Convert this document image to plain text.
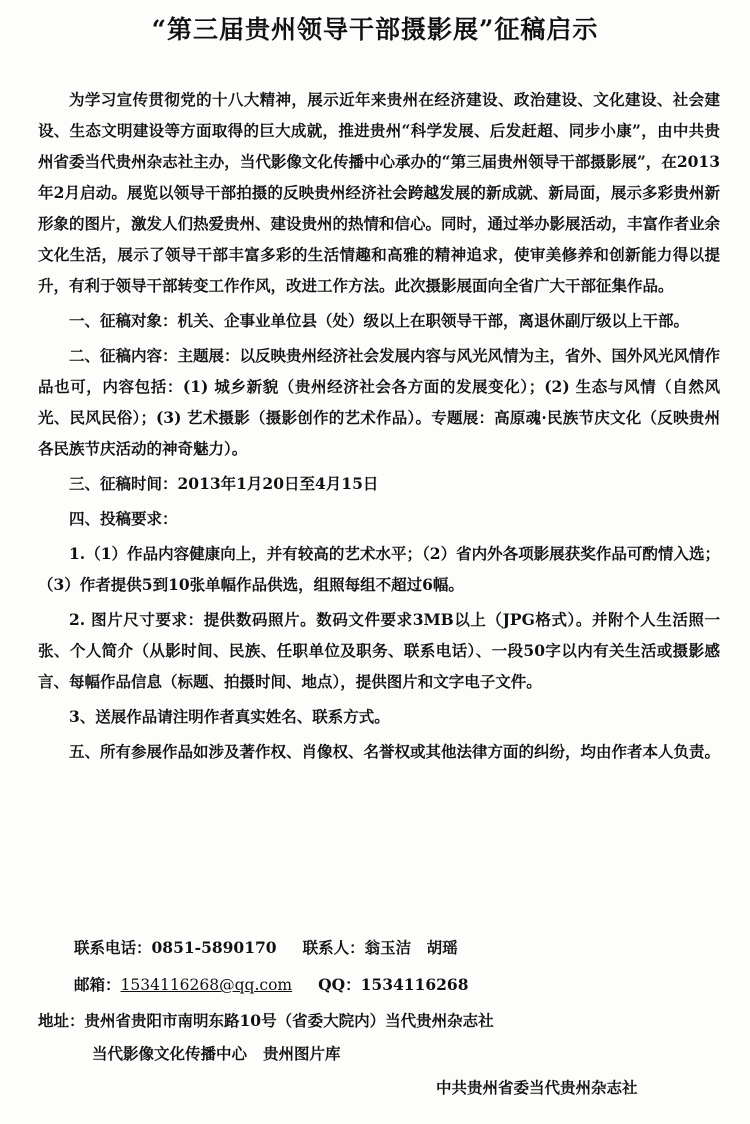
“第三届贵州领导干部摄影展”征稿启示

为学习宣传贯彻党的十八大精神，展示近年来贵州在经济建设、政治建设、文化建设、社会建设、生态文明建设等方面取得的巨大成就，推进贵州“科学发展、后发赶超、同步小康”，由中共贵州省委当代贵州杂志社主办，当代影像文化传播中心承办的“第三届贵州领导干部摄影展”，在2013年2月启动。展览以领导干部拍摄的反映贵州经济社会跨越发展的新成就、新局面，展示多彩贵州新形象的图片，激发人们热爱贵州、建设贵州的热情和信心。同时，通过举办影展活动，丰富作者业余文化生活，展示了领导干部丰富多彩的生活情趣和高雅的精神追求，使审美修养和创新能力得以提升，有利于领导干部转变工作作风，改进工作方法。此次摄影展面向全省广大干部征集作品。

一、征稿对象：机关、企事业单位县（处）级以上在职领导干部，离退休副厅级以上干部。

二、征稿内容：主题展：以反映贵州经济社会发展内容与风光风情为主，省外、国外风光风情作品也可，内容包括：(1) 城乡新貌（贵州经济社会各方面的发展变化）；(2) 生态与风情（自然风光、民风民俗）；(3) 艺术摄影（摄影创作的艺术作品）。专题展：高原魂·民族节庆文化（反映贵州各民族节庆活动的神奇魅力）。

三、征稿时间：2013年1月20日至4月15日

四、投稿要求：

1.（1）作品内容健康向上，并有较高的艺术水平；（2）省内外各项影展获奖作品可酌情入选；（3）作者提供5到10张单幅作品供选，组照每组不超过6幅。

2. 图片尺寸要求：提供数码照片。数码文件要求3MB以上（JPG格式）。并附个人生活照一张、个人简介（从影时间、民族、任职单位及职务、联系电话）、一段50字以内有关生活或摄影感言、每幅作品信息（标题、拍摄时间、地点），提供图片和文字电子文件。

3、送展作品请注明作者真实姓名、联系方式。

五、所有参展作品如涉及著作权、肖像权、名誉权或其他法律方面的纠纷，均由作者本人负责。

联系电话：0851-5890170 联系人：翁玉洁　胡瑶
邮箱：1534116268@qq.com QQ：1534116268
地址：贵州省贵阳市南明东路10号（省委大院内）当代贵州杂志社
当代影像文化传播中心 贵州图片库
中共贵州省委当代贵州杂志社
